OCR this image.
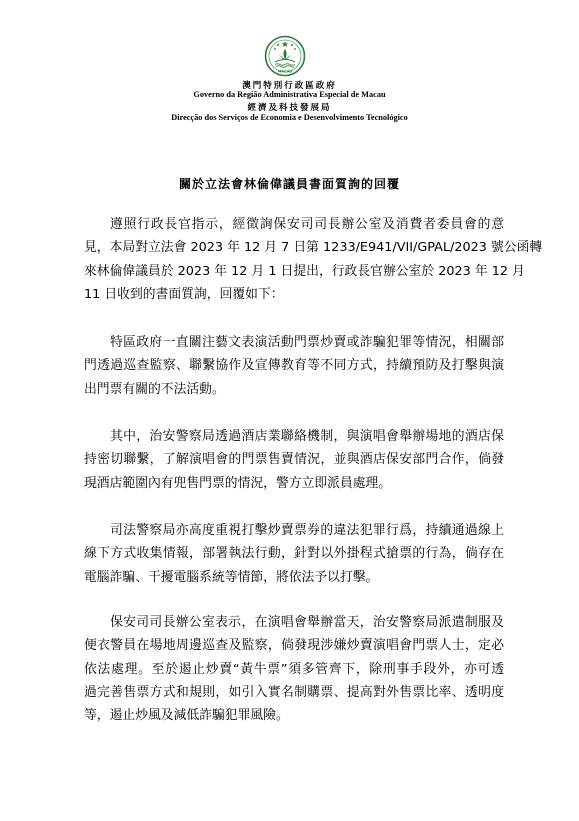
MACAU
澳門特別行政區政府
Governo da Região Administrativa Especial de Macau
經濟及科技發展局
Direcção dos Serviços de Economia e Desenvolvimento Tecnológico
關於立法會林倫偉議員書面質詢的回覆
遵照行政長官指示，經徵詢保安司司長辦公室及消費者委員會的意
見，本局對立法會 2023 年 12 月 7 日第 1233/E941/VII/GPAL/2023 號公函轉
來林倫偉議員於 2023 年 12 月 1 日提出，行政長官辦公室於 2023 年 12 月
11 日收到的書面質詢，回覆如下：
特區政府一直關注藝文表演活動門票炒賣或詐騙犯罪等情況，相關部
門透過巡查監察、聯繫協作及宣傳教育等不同方式，持續預防及打擊與演
出門票有關的不法活動。
其中，治安警察局透過酒店業聯絡機制，與演唱會舉辦場地的酒店保
持密切聯繫，了解演唱會的門票售賣情況，並與酒店保安部門合作，倘發
現酒店範圍內有兜售門票的情況，警方立即派員處理。
司法警察局亦高度重視打擊炒賣票券的違法犯罪行爲，持續通過線上
線下方式收集情報，部署執法行動，針對以外掛程式搶票的行為，倘存在
電腦詐騙、干擾電腦系統等情節，將依法予以打擊。
保安司司長辦公室表示，在演唱會舉辦當天，治安警察局派遣制服及
便衣警員在場地周邊巡查及監察，倘發現涉嫌炒賣演唱會門票人士，定必
依法處理。至於遏止炒賣“黃牛票”須多管齊下，除刑事手段外，亦可透
過完善售票方式和規則，如引入實名制購票、提高對外售票比率、透明度
等，遏止炒風及減低詐騙犯罪風險。
